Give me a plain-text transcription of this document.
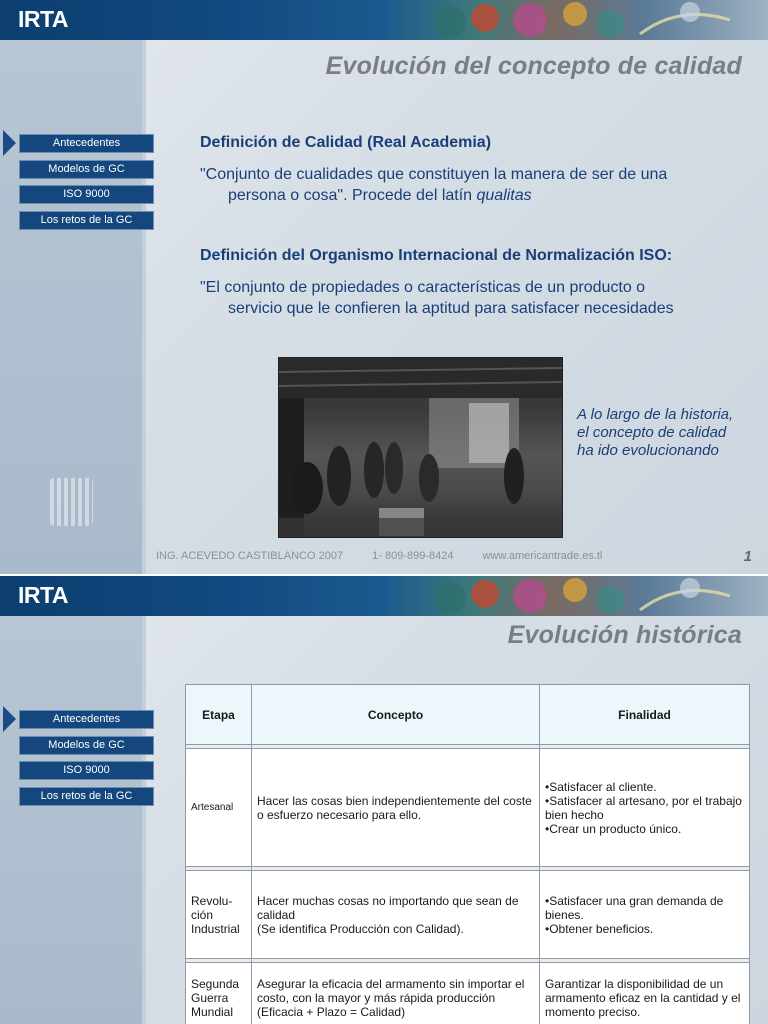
IRTA
Antecedentes
Modelos de GC
ISO 9000
Los retos de la GC
Evolución del concepto de calidad
Definición de Calidad (Real Academia)
"Conjunto de cualidades que constituyen la manera de ser de una
persona o cosa". Procede del latín qualitas
Definición del Organismo Internacional de Normalización ISO:
"El conjunto de propiedades o características de un producto o
servicio que le confieren la aptitud para satisfacer necesidades
A lo largo de la historia, el concepto de calidad ha ido evolucionando
ING. ACEVEDO CASTIBLANCO 2007	1- 809-899-8424	www.americantrade.es.tl	1
IRTA
Antecedentes
Modelos de GC
ISO 9000
Los retos de la GC
Evolución histórica
Etapa	Concepto	Finalidad

Artesanal	Hacer las cosas bien independientemente del coste o esfuerzo necesario para ello.	•Satisfacer al cliente.
•Satisfacer al artesano, por el trabajo bien hecho
•Crear un producto único.

Revolu-ción Industrial	Hacer muchas cosas no importando que sean de calidad
(Se identifica Producción con Calidad).	•Satisfacer una gran demanda de bienes.
•Obtener beneficios.

Segunda Guerra Mundial	Asegurar la eficacia del armamento sin importar el costo, con la mayor y más rápida producción (Eficacia + Plazo = Calidad)	Garantizar la disponibilidad de un armamento eficaz en la cantidad y el momento preciso.
